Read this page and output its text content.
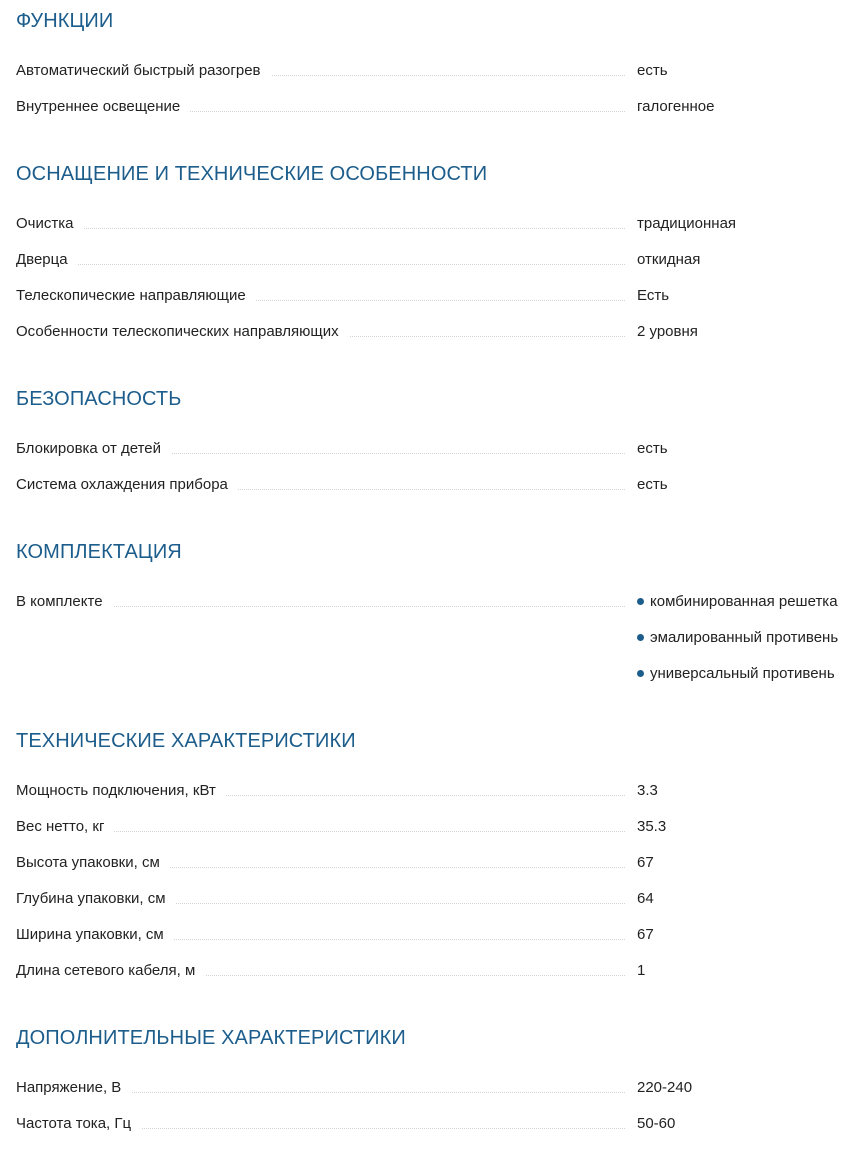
ФУНКЦИИ
Автоматический быстрый разогрев	есть
Внутреннее освещение	галогенное
ОСНАЩЕНИЕ И ТЕХНИЧЕСКИЕ ОСОБЕННОСТИ
Очистка	традиционная
Дверца	откидная
Телескопические направляющие	Есть
Особенности телескопических направляющих	2 уровня
БЕЗОПАСНОСТЬ
Блокировка от детей	есть
Система охлаждения прибора	есть
КОМПЛЕКТАЦИЯ
В комплекте	комбинированная решетка
эмалированный противень
универсальный противень
ТЕХНИЧЕСКИЕ ХАРАКТЕРИСТИКИ
Мощность подключения, кВт	3.3
Вес нетто, кг	35.3
Высота упаковки, см	67
Глубина упаковки, см	64
Ширина упаковки, см	67
Длина сетевого кабеля, м	1
ДОПОЛНИТЕЛЬНЫЕ ХАРАКТЕРИСТИКИ
Напряжение, В	220-240
Частота тока, Гц	50-60
